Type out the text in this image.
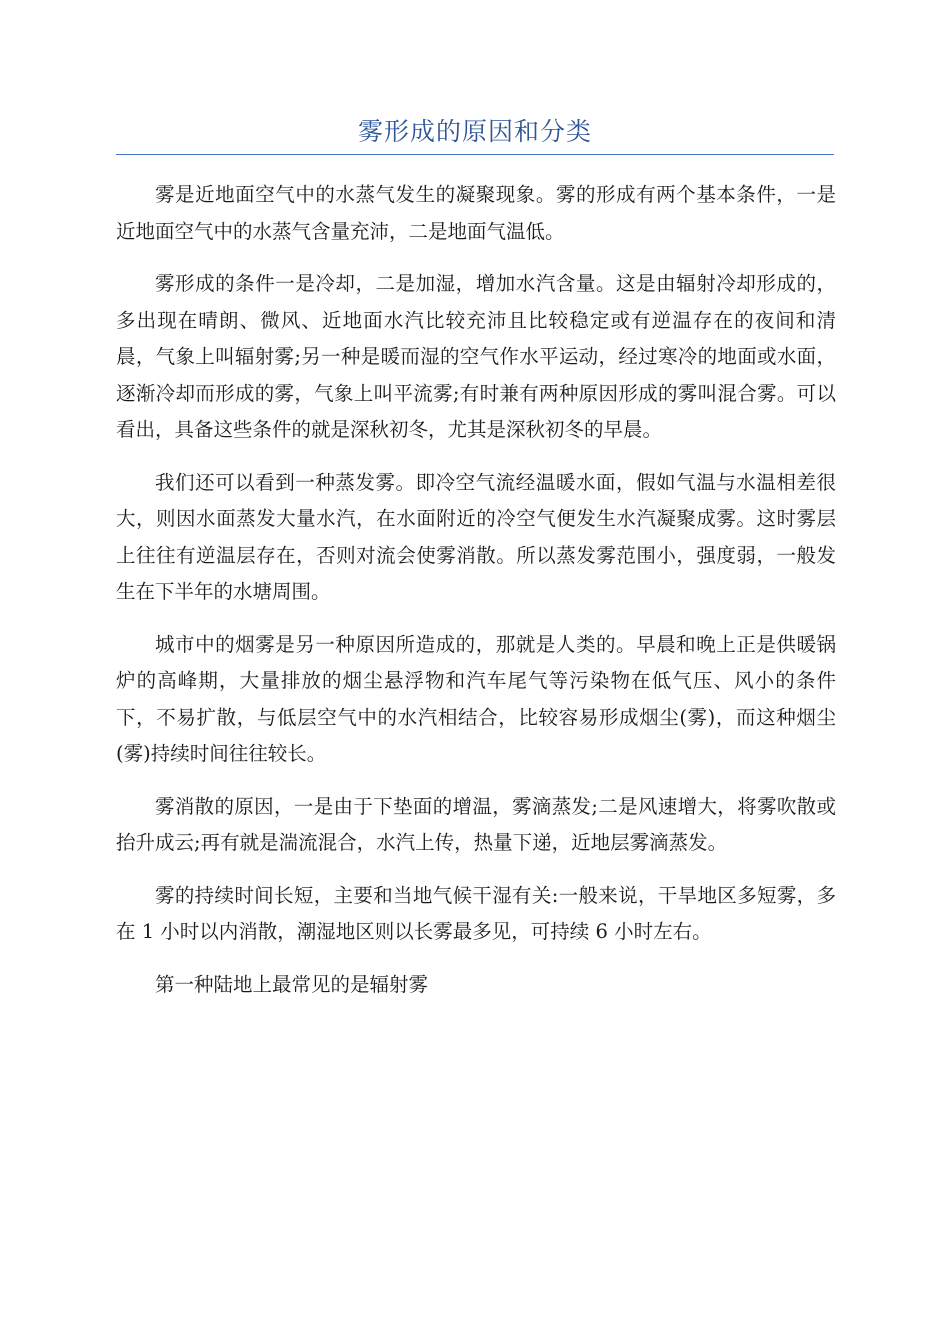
雾形成的原因和分类

雾是近地面空气中的水蒸气发生的凝聚现象。雾的形成有两个基本条件，一是近地面空气中的水蒸气含量充沛，二是地面气温低。

雾形成的条件一是冷却，二是加湿，增加水汽含量。这是由辐射冷却形成的，多出现在晴朗、微风、近地面水汽比较充沛且比较稳定或有逆温存在的夜间和清晨，气象上叫辐射雾;另一种是暖而湿的空气作水平运动，经过寒冷的地面或水面，逐渐冷却而形成的雾，气象上叫平流雾;有时兼有两种原因形成的雾叫混合雾。可以看出，具备这些条件的就是深秋初冬，尤其是深秋初冬的早晨。

我们还可以看到一种蒸发雾。即冷空气流经温暖水面，假如气温与水温相差很大，则因水面蒸发大量水汽，在水面附近的冷空气便发生水汽凝聚成雾。这时雾层上往往有逆温层存在，否则对流会使雾消散。所以蒸发雾范围小，强度弱，一般发生在下半年的水塘周围。

城市中的烟雾是另一种原因所造成的，那就是人类的。早晨和晚上正是供暖锅炉的高峰期，大量排放的烟尘悬浮物和汽车尾气等污染物在低气压、风小的条件下，不易扩散，与低层空气中的水汽相结合，比较容易形成烟尘(雾)，而这种烟尘(雾)持续时间往往较长。

雾消散的原因，一是由于下垫面的增温，雾滴蒸发;二是风速增大，将雾吹散或抬升成云;再有就是湍流混合，水汽上传，热量下递，近地层雾滴蒸发。

雾的持续时间长短，主要和当地气候干湿有关:一般来说，干旱地区多短雾，多在 1 小时以内消散，潮湿地区则以长雾最多见，可持续 6 小时左右。

第一种陆地上最常见的是辐射雾
